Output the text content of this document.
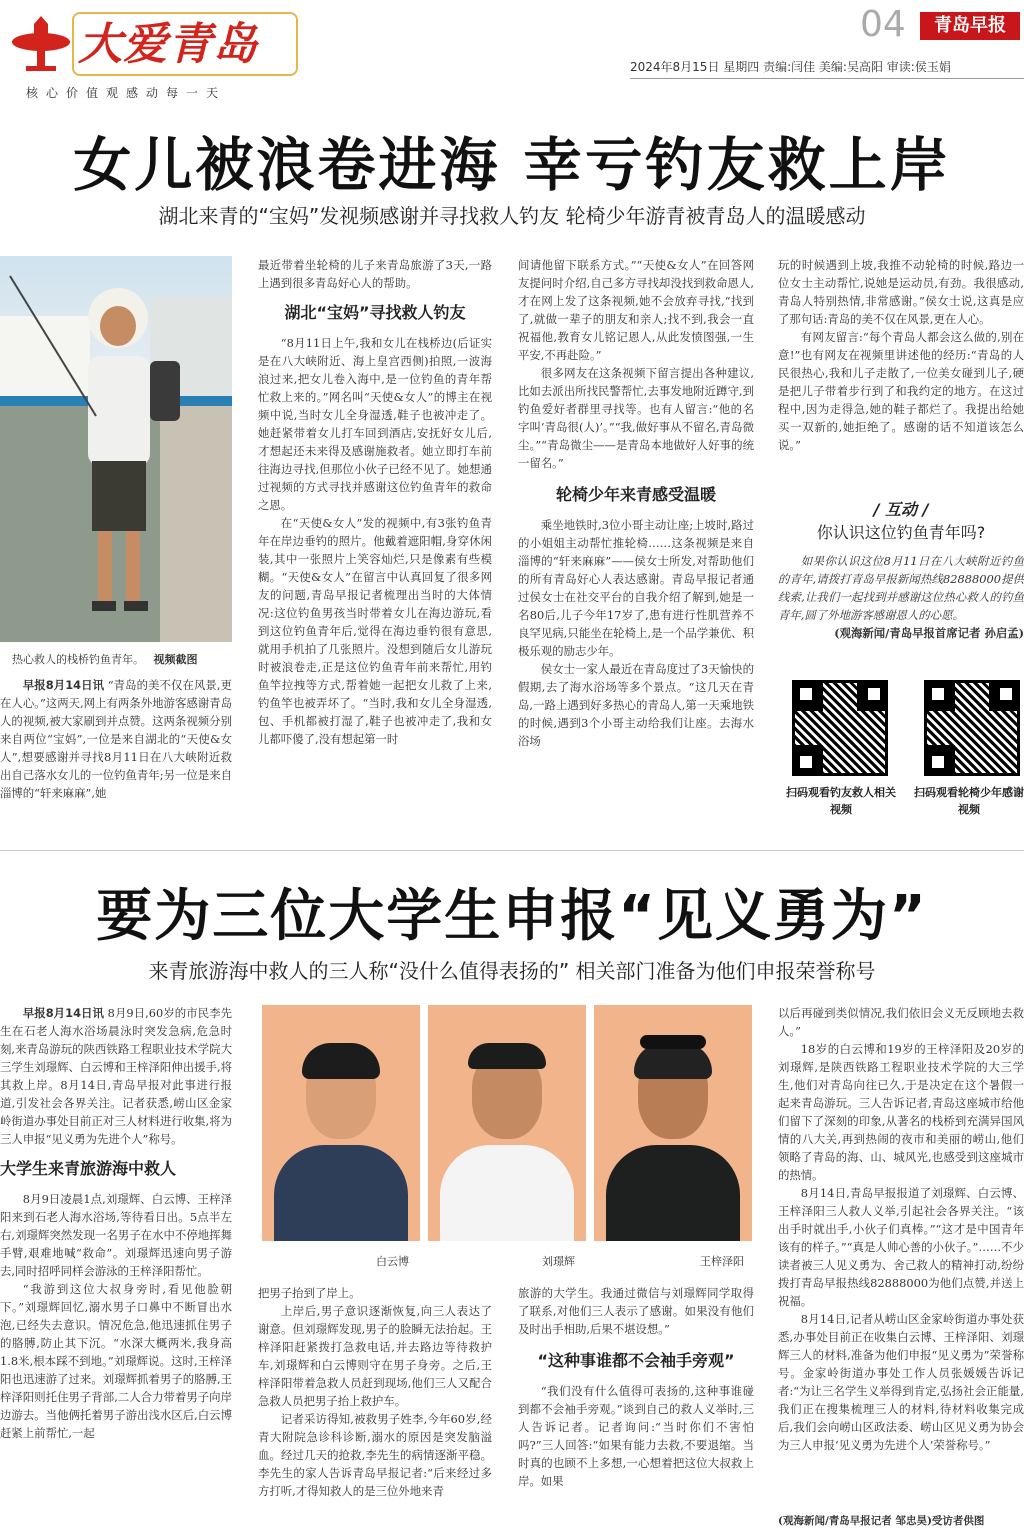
大爱青岛
核心价值观感动每一天
04	青岛早报
2024年8月15日 星期四 责编:闫佳 美编:吴高阳 审读:侯玉娟
女儿被浪卷进海 幸亏钓友救上岸
湖北来青的“宝妈”发视频感谢并寻找救人钓友 轮椅少年游青被青岛人的温暖感动
热心救人的栈桥钓鱼青年。 视频截图

早报8月14日讯 “青岛的美不仅在风景,更在人心。”这两天,网上有两条外地游客感谢青岛人的视频,被大家刷到并点赞。这两条视频分别来自两位“宝妈”,一位是来自湖北的“天使&女人”,想要感谢并寻找8月11日在八大峡附近救出自己落水女儿的一位钓鱼青年;另一位是来自淄博的“轩来麻麻”,她

最近带着坐轮椅的儿子来青岛旅游了3天,一路上遇到很多青岛好心人的帮助。

湖北“宝妈”寻找救人钓友

“8月11日上午,我和女儿在栈桥边(后证实是在八大峡附近、海上皇宫西侧)拍照,一波海浪过来,把女儿卷入海中,是一位钓鱼的青年帮忙救上来的。”网名叫“天使&女人”的博主在视频中说,当时女儿全身湿透,鞋子也被冲走了。她赶紧带着女儿打车回到酒店,安抚好女儿后,才想起还未来得及感谢施救者。她立即打车前往海边寻找,但那位小伙子已经不见了。她想通过视频的方式寻找并感谢这位钓鱼青年的救命之恩。

在“天使&女人”发的视频中,有3张钓鱼青年在岸边垂钓的照片。他戴着遮阳帽,身穿休闲装,其中一张照片上笑容灿烂,只是像素有些模糊。“天使&女人”在留言中认真回复了很多网友的问题,青岛早报记者梳理出当时的大体情况:这位钓鱼男孩当时带着女儿在海边游玩,看到这位钓鱼青年后,觉得在海边垂钓很有意思,就用手机拍了几张照片。没想到随后女儿游玩时被浪卷走,正是这位钓鱼青年前来帮忙,用钓鱼竿拉拽等方式,帮着她一起把女儿救了上来,钓鱼竿也被弄坏了。“当时,我和女儿全身湿透,包、手机都被打湿了,鞋子也被冲走了,我和女儿都吓傻了,没有想起第一时

间请他留下联系方式。”“天使&女人”在回答网友提问时介绍,自己多方寻找却没找到救命恩人,才在网上发了这条视频,她不会放弃寻找,“找到了,就做一辈子的朋友和亲人;找不到,我会一直祝福他,教育女儿铭记恩人,从此发愤图强,一生平安,不再赴险。”

很多网友在这条视频下留言提出各种建议,比如去派出所找民警帮忙,去事发地附近蹲守,到钓鱼爱好者群里寻找等。也有人留言:“他的名字叫‘青岛很(人)’。”“我,做好事从不留名,青岛微尘。”“青岛微尘——是青岛本地做好人好事的统一留名。”

轮椅少年来青感受温暖

乘坐地铁时,3位小哥主动让座;上坡时,路过的小姐姐主动帮忙推轮椅……这条视频是来自淄博的“轩来麻麻”——侯女士所发,对帮助他们的所有青岛好心人表达感谢。青岛早报记者通过侯女士在社交平台的自我介绍了解到,她是一名80后,儿子今年17岁了,患有进行性肌营养不良罕见病,只能坐在轮椅上,是一个品学兼优、积极乐观的励志少年。

侯女士一家人最近在青岛度过了3天愉快的假期,去了海水浴场等多个景点。“这几天在青岛,一路上遇到好多热心的青岛人,第一天乘地铁的时候,遇到3个小哥主动给我们让座。去海水浴场

玩的时候遇到上坡,我推不动轮椅的时候,路边一位女士主动帮忙,说她是运动员,有劲。我很感动,青岛人特别热情,非常感谢。”侯女士说,这真是应了那句话:青岛的美不仅在风景,更在人心。

有网友留言:“每个青岛人都会这么做的,别在意!”也有网友在视频里讲述他的经历:“青岛的人民很热心,我和儿子走散了,一位美女碰到儿子,硬是把儿子带着步行到了和我约定的地方。在这过程中,因为走得急,她的鞋子都烂了。我提出给她买一双新的,她拒绝了。感谢的话不知道该怎么说。”

/ 互动 /
你认识这位钓鱼青年吗?

如果你认识这位8月11日在八大峡附近钓鱼的青年,请拨打青岛早报新闻热线82888000提供线索,让我们一起找到并感谢这位热心救人的钓鱼青年,圆了外地游客感谢恩人的心愿。

(观海新闻/青岛早报首席记者 孙启孟)
扫码观看钓友救人相关视频
扫码观看轮椅少年感谢视频
要为三位大学生申报“见义勇为”
来青旅游海中救人的三人称“没什么值得表扬的” 相关部门准备为他们申报荣誉称号

早报8月14日讯 8月9日,60岁的市民李先生在石老人海水浴场晨泳时突发急病,危急时刻,来青岛游玩的陕西铁路工程职业技术学院大三学生刘璟辉、白云博和王梓泽阳伸出援手,将其救上岸。8月14日,青岛早报对此事进行报道,引发社会各界关注。记者获悉,崂山区金家岭街道办事处目前正对三人材料进行收集,将为三人申报“见义勇为先进个人”称号。

大学生来青旅游海中救人

8月9日凌晨1点,刘璟辉、白云博、王梓泽阳来到石老人海水浴场,等待看日出。5点半左右,刘璟辉突然发现一名男子在水中不停地挥舞手臂,艰难地喊“救命”。刘璟辉迅速向男子游去,同时招呼同样会游泳的王梓泽阳帮忙。

“我游到这位大叔身旁时,看见他脸朝下。”刘璟辉回忆,溺水男子口鼻中不断冒出水泡,已经失去意识。情况危急,他迅速抓住男子的胳膊,防止其下沉。“水深大概两米,我身高1.8米,根本踩不到地。”刘璟辉说。这时,王梓泽阳也迅速游了过来。刘璟辉抓着男子的胳膊,王梓泽阳则托住男子背部,二人合力带着男子向岸边游去。当他俩托着男子游出浅水区后,白云博赶紧上前帮忙,一起

白云博	刘璟辉	王梓泽阳

把男子抬到了岸上。

上岸后,男子意识逐渐恢复,向三人表达了谢意。但刘璟辉发现,男子的脸瞬无法抬起。王梓泽阳赶紧拨打急救电话,并去路边等待救护车,刘璟辉和白云博则守在男子身旁。之后,王梓泽阳带着急救人员赶到现场,他们三人又配合急救人员把男子抬上救护车。

记者采访得知,被救男子姓李,今年60岁,经青大附院急诊科诊断,溺水的原因是突发脑溢血。经过几天的抢救,李先生的病情逐渐平稳。李先生的家人告诉青岛早报记者:“后来经过多方打听,才得知救人的是三位外地来青

旅游的大学生。我通过微信与刘璟辉同学取得了联系,对他们三人表示了感谢。如果没有他们及时出手相助,后果不堪设想。”

“这种事谁都不会袖手旁观”

“我们没有什么值得可表扬的,这种事谁碰到都不会袖手旁观。”谈到自己的救人义举时,三人告诉记者。记者询问:“当时你们不害怕吗?”三人回答:“如果有能力去救,不要退缩。当时真的也顾不上多想,一心想着把这位大叔救上岸。如果

以后再碰到类似情况,我们依旧会义无反顾地去救人。”

18岁的白云博和19岁的王梓泽阳及20岁的刘璟辉,是陕西铁路工程职业技术学院的大三学生,他们对青岛向往已久,于是决定在这个暑假一起来青岛游玩。三人告诉记者,青岛这座城市给他们留下了深刻的印象,从著名的栈桥到充满异国风情的八大关,再到热闹的夜市和美丽的崂山,他们领略了青岛的海、山、城风光,也感受到这座城市的热情。

8月14日,青岛早报报道了刘璟辉、白云博、王梓泽阳三人救人义举,引起社会各界关注。“该出手时就出手,小伙子们真棒。”“这才是中国青年该有的样子。”“真是人帅心善的小伙子。”……不少读者被三人见义勇为、舍己救人的精神打动,纷纷拨打青岛早报热线82888000为他们点赞,并送上祝福。

8月14日,记者从崂山区金家岭街道办事处获悉,办事处目前正在收集白云博、王梓泽阳、刘璟辉三人的材料,准备为他们申报“见义勇为”荣誉称号。金家岭街道办事处工作人员张媛媛告诉记者:“为让三名学生义举得到肯定,弘扬社会正能量,我们正在搜集梳理三人的材料,待材料收集完成后,我们会向崂山区政法委、崂山区见义勇为协会为三人申报‘见义勇为先进个人’荣誉称号。”

(观海新闻/青岛早报记者 邹忠昊)受访者供图
